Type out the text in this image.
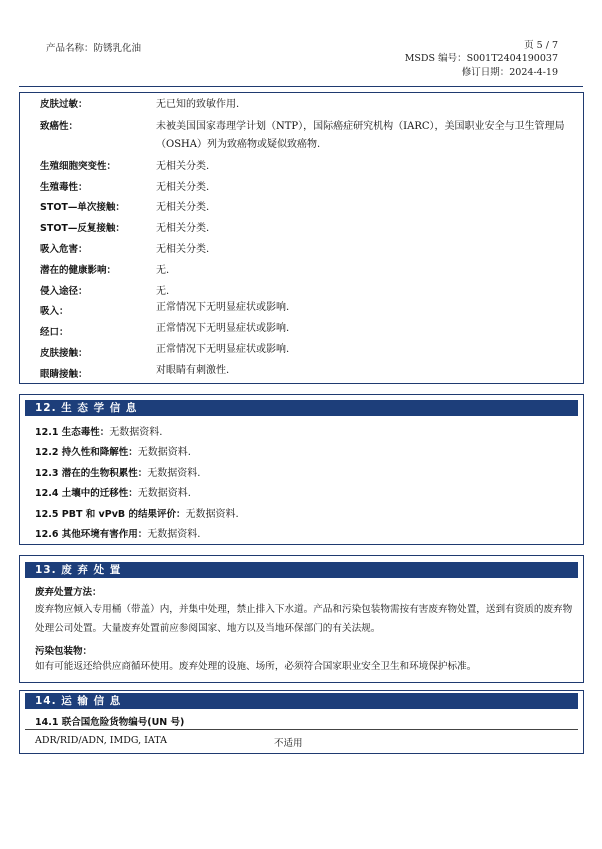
产品名称：防锈乳化油	页 5 / 7
MSDS 编号：S001T2404190037
修订日期：2024-4-19
皮肤过敏：	无已知的致敏作用.
致癌性：	未被美国国家毒理学计划（NTP），国际癌症研究机构（IARC），美国职业安全与卫生管理局（OSHA）列为致癌物或疑似致癌物.
生殖细胞突变性：	无相关分类.
生殖毒性：	无相关分类.
STOT—单次接触：	无相关分类.
STOT—反复接触：	无相关分类.
吸入危害：	无相关分类.
潜在的健康影响：	无.
侵入途径：	无.
吸入：	正常情况下无明显症状或影响.
经口：	正常情况下无明显症状或影响.
皮肤接触：	正常情况下无明显症状或影响.
眼睛接触：	对眼睛有刺激性.
12. 生 态 学 信 息
12.1 生态毒性：无数据资料.
12.2 持久性和降解性：无数据资料.
12.3 潜在的生物积累性：无数据资料.
12.4 土壤中的迁移性：无数据资料.
12.5 PBT 和 vPvB 的结果评价：无数据资料.
12.6 其他环境有害作用：无数据资料.
13. 废 弃 处 置
废弃处置方法：
废弃物应倾入专用桶（带盖）内，并集中处理，禁止排入下水道。产品和污染包装物需按有害废弃物处置，送到有资质的废弃物处理公司处置。大量废弃处置前应参阅国家、地方以及当地环保部门的有关法规。
污染包装物：
如有可能返还给供应商循环使用。废弃处理的设施、场所，必须符合国家职业安全卫生和环境保护标准。
14. 运 输 信 息
14.1 联合国危险货物编号(UN 号)
ADR/RID/ADN, IMDG, IATA	不适用
